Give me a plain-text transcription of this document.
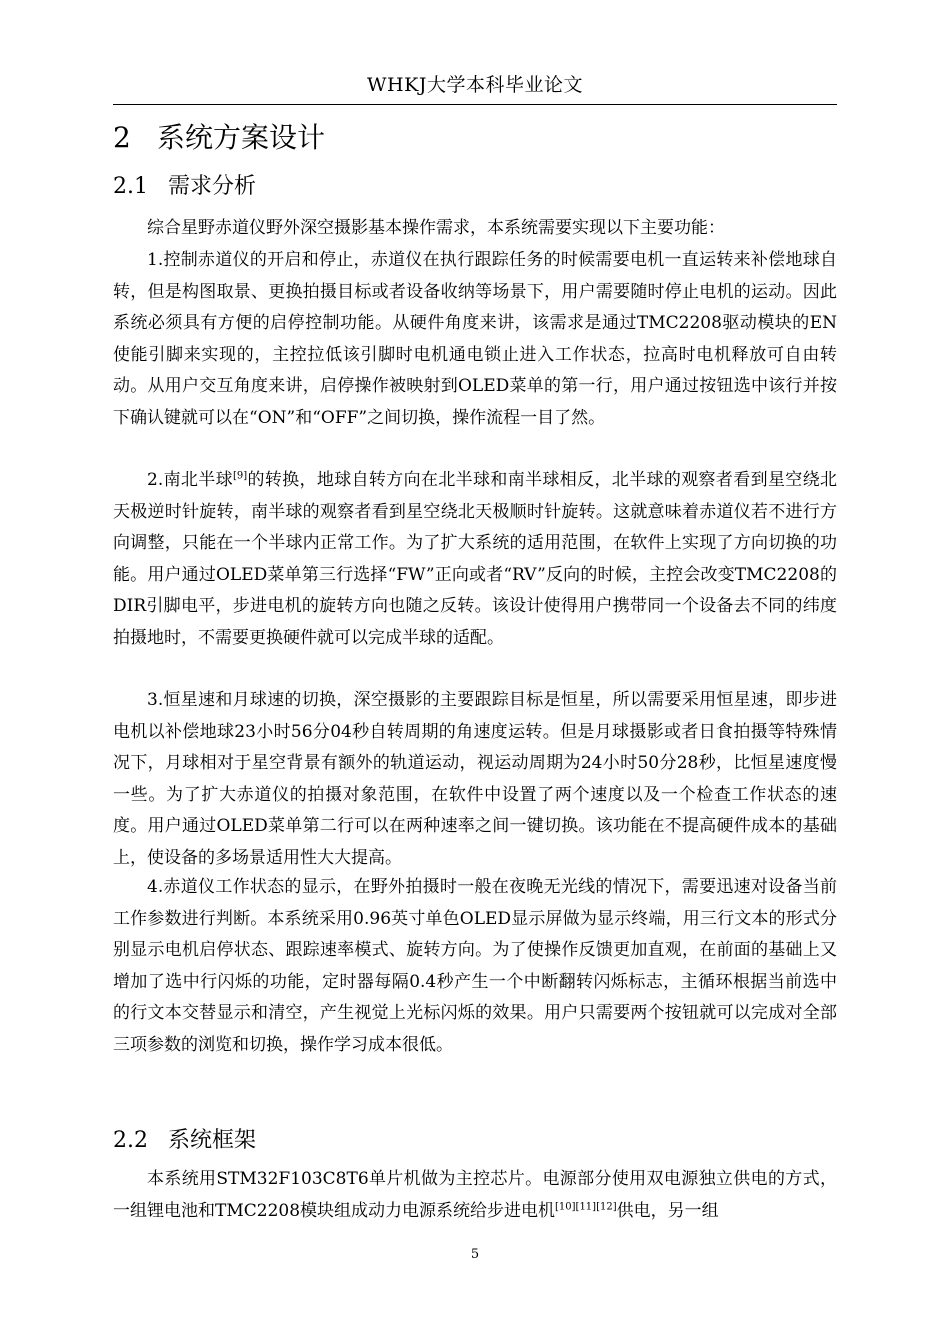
WHKJ大学本科毕业论文
2 系统方案设计
2.1 需求分析

综合星野赤道仪野外深空摄影基本操作需求，本系统需要实现以下主要功能：

1.控制赤道仪的开启和停止，赤道仪在执行跟踪任务的时候需要电机一直运转来补偿地球自转，但是构图取景、更换拍摄目标或者设备收纳等场景下，用户需要随时停止电机的运动。因此系统必须具有方便的启停控制功能。从硬件角度来讲，该需求是通过TMC2208驱动模块的EN使能引脚来实现的，主控拉低该引脚时电机通电锁止进入工作状态，拉高时电机释放可自由转动。从用户交互角度来讲，启停操作被映射到OLED菜单的第一行，用户通过按钮选中该行并按下确认键就可以在“ON”和“OFF”之间切换，操作流程一目了然。

2.南北半球[9]的转换，地球自转方向在北半球和南半球相反，北半球的观察者看到星空绕北天极逆时针旋转，南半球的观察者看到星空绕北天极顺时针旋转。这就意味着赤道仪若不进行方向调整，只能在一个半球内正常工作。为了扩大系统的适用范围，在软件上实现了方向切换的功能。用户通过OLED菜单第三行选择“FW”正向或者“RV”反向的时候，主控会改变TMC2208的DIR引脚电平，步进电机的旋转方向也随之反转。该设计使得用户携带同一个设备去不同的纬度拍摄地时，不需要更换硬件就可以完成半球的适配。

3.恒星速和月球速的切换，深空摄影的主要跟踪目标是恒星，所以需要采用恒星速，即步进电机以补偿地球23小时56分04秒自转周期的角速度运转。但是月球摄影或者日食拍摄等特殊情况下，月球相对于星空背景有额外的轨道运动，视运动周期为24小时50分28秒，比恒星速度慢一些。为了扩大赤道仪的拍摄对象范围，在软件中设置了两个速度以及一个检查工作状态的速度。用户通过OLED菜单第二行可以在两种速率之间一键切换。该功能在不提高硬件成本的基础上，使设备的多场景适用性大大提高。

4.赤道仪工作状态的显示，在野外拍摄时一般在夜晚无光线的情况下，需要迅速对设备当前工作参数进行判断。本系统采用0.96英寸单色OLED显示屏做为显示终端，用三行文本的形式分别显示电机启停状态、跟踪速率模式、旋转方向。为了使操作反馈更加直观，在前面的基础上又增加了选中行闪烁的功能，定时器每隔0.4秒产生一个中断翻转闪烁标志，主循环根据当前选中的行文本交替显示和清空，产生视觉上光标闪烁的效果。用户只需要两个按钮就可以完成对全部三项参数的浏览和切换，操作学习成本很低。

2.2 系统框架

本系统用STM32F103C8T6单片机做为主控芯片。电源部分使用双电源独立供电的方式，一组锂电池和TMC2208模块组成动力电源系统给步进电机[10][11][12]供电，另一组

5
